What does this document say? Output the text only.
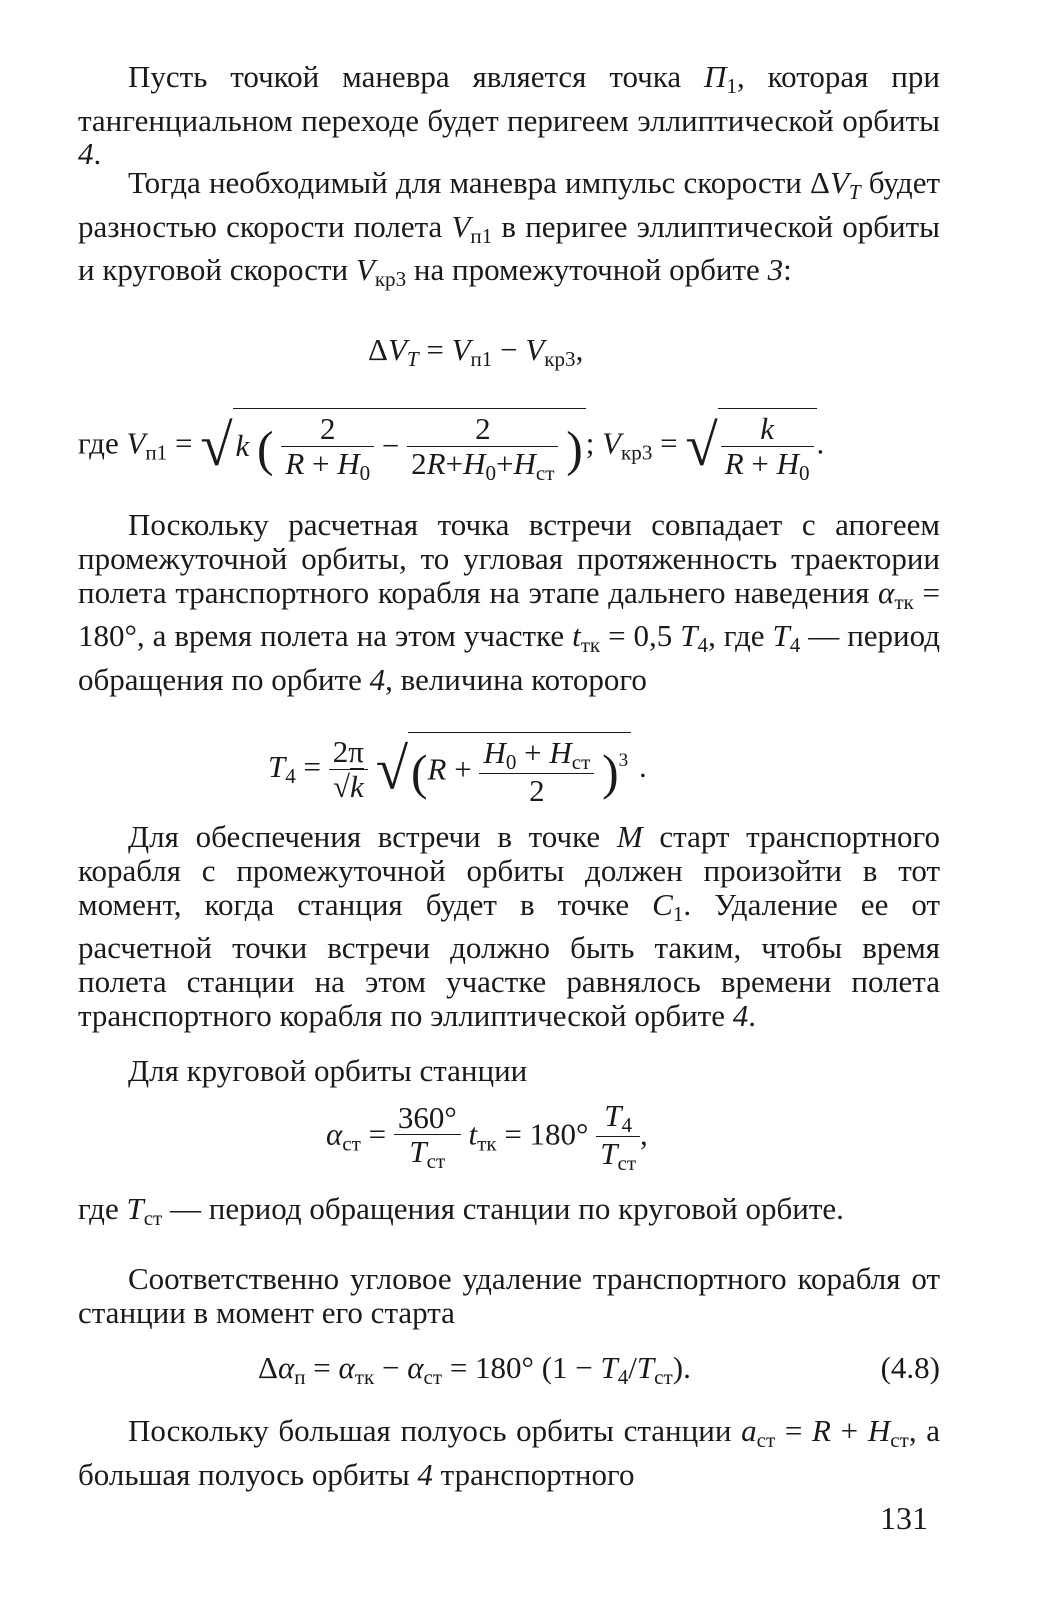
Пусть точкой маневра является точка $П_1$, которая при тангенциальном переходе будет перигеем эллиптической орбиты 4.

Тогда необходимый для маневра импульс скорости $\Delta V_T$ будет разностью скорости полета $V_{п1}$ в перигее эллиптической орбиты и круговой скорости $V_{кр3}$ на промежуточной орбите 3:

$\Delta V_T = V_{п1} - V_{кр3}$,
где $V_{п1} = √k$ ( $\frac{2}{R + H_0} - \frac{2}{2R+H_0+H_{ст}}$ ); $V_{кр3}$ = √ $\frac{k}{R + H_0}$ .

Поскольку расчетная точка встречи совпадает с апогеем промежуточной орбиты, то угловая протяженность траектории полета транспортного корабля на этапе дальнего наведения $\alpha_{тк} = 180^\circ$, а время полета на этом участке $t_{тк} = 0,5$ $T_4$, где $T_4$ — период обращения по орбите 4, величина которого

$T_4 = \frac{2\pi}{√k} √(R + \frac{H_0 + H_{ст}}{2} )^3$ .

Для обеспечения встречи в точке М старт транспортного корабля с промежуточной орбиты должен произойти в тот момент, когда станция будет в точке $C_1$. Удаление ее от расчетной точки встречи должно быть таким, чтобы время полета станции на этом участке равнялось времени полета транспортного корабля по эллиптической орбите 4.

Для круговой орбиты станции

$\alpha_{ст} = \frac{360^\circ}{T_{ст}} t_{тк} = 180^\circ \frac{T_4}{T_{ст}}$ ,

где $T_{ст}$ — период обращения станции по круговой орбите.

Соответственно угловое удаление транспортного корабля от станции в момент его старта

$\Delta\alpha_п = \alpha_{тк} - \alpha_{ст} = 180^\circ$ $(1 - T_4/T_{ст})$.	(4.8)

Поскольку большая полуось орбиты станции $a_{ст} = R + H_{ст}$, а большая полуось орбиты 4 транспортного

131
